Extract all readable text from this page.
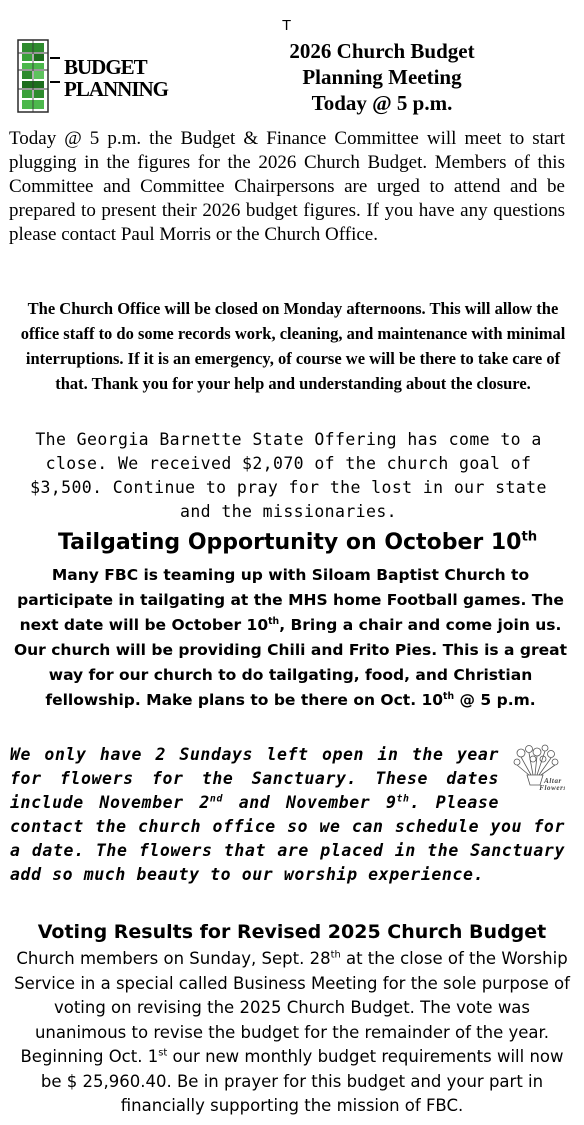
T
BUDGET
PLANNING
2026 Church Budget
Planning Meeting
Today @ 5 p.m.
Today @ 5 p.m. the Budget & Finance Committee will meet to start plugging in the figures for the 2026 Church Budget. Members of this Committee and Committee Chairpersons are urged to attend and be prepared to present their 2026 budget figures. If you have any questions please contact Paul Morris or the Church Office.
The Church Office will be closed on Monday afternoons. This will allow the office staff to do some records work, cleaning, and maintenance with minimal interruptions. If it is an emergency, of course we will be there to take care of that. Thank you for your help and understanding about the closure.
The Georgia Barnette State Offering has come to a close. We received $2,070 of the church goal of $3,500. Continue to pray for the lost in our state and the missionaries.
Tailgating Opportunity on October 10th
Many FBC is teaming up with Siloam Baptist Church to participate in tailgating at the MHS home Football games. The next date will be October 10th, Bring a chair and come join us. Our church will be providing Chili and Frito Pies. This is a great way for our church to do tailgating, food, and Christian fellowship. Make plans to be there on Oct. 10th @ 5 p.m.
Altar
Flowers
We only have 2 Sundays left open in the year for flowers for the Sanctuary. These dates include November 2nd and November 9th. Please contact the church office so we can schedule you for a date. The flowers that are placed in the Sanctuary add so much beauty to our worship experience.
Voting Results for Revised 2025 Church Budget
Church members on Sunday, Sept. 28th at the close of the Worship Service in a special called Business Meeting for the sole purpose of voting on revising the 2025 Church Budget. The vote was unanimous to revise the budget for the remainder of the year. Beginning Oct. 1st our new monthly budget requirements will now be $ 25,960.40. Be in prayer for this budget and your part in financially supporting the mission of FBC.
